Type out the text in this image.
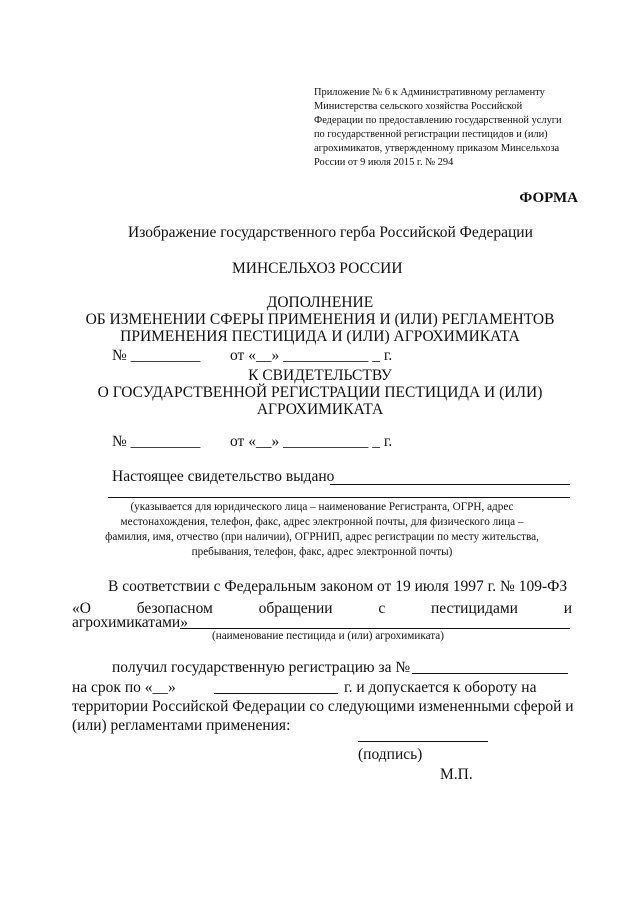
Приложение № 6 к Административному регламенту
Министерства сельского хозяйства Российской
Федерации по предоставлению государственной услуги
по государственной регистрации пестицидов и (или)
агрохимикатов, утвержденному приказом Минсельхоза
России от 9 июля 2015 г. № 294
ФОРМА
Изображение государственного герба Российской Федерации
МИНСЕЛЬХОЗ РОССИИ
ДОПОЛНЕНИЕ
ОБ ИЗМЕНЕНИИ СФЕРЫ ПРИМЕНЕНИЯ И (ИЛИ) РЕГЛАМЕНТОВ
ПРИМЕНЕНИЯ ПЕСТИЦИДА И (ИЛИ) АГРОХИМИКАТА
№ _________ от «__» ___________ _ г.
К СВИДЕТЕЛЬСТВУ
О ГОСУДАРСТВЕННОЙ РЕГИСТРАЦИИ ПЕСТИЦИДА И (ИЛИ)
АГРОХИМИКАТА
№ _________ от «__» ___________ _ г.
Настоящее свидетельство выдано
(указывается для юридического лица – наименование Регистранта, ОГРН, адрес
местонахождения, телефон, факс, адрес электронной почты, для физического лица –
фамилия, имя, отчество (при наличии), ОГРНИП, адрес регистрации по месту жительства,
пребывания, телефон, факс, адрес электронной почты)
В соответствии с Федеральным законом от 19 июля 1997 г. № 109-ФЗ
«О	безопасном	обращении	с	пестицидами	и
агрохимикатами»
(наименование пестицида и (или) агрохимиката)
получил государственную регистрацию за №
на срок по «__»	г. и допускается к обороту на
территории Российской Федерации со следующими измененными сферой и
(или) регламентами применения:
(подпись)
М.П.
